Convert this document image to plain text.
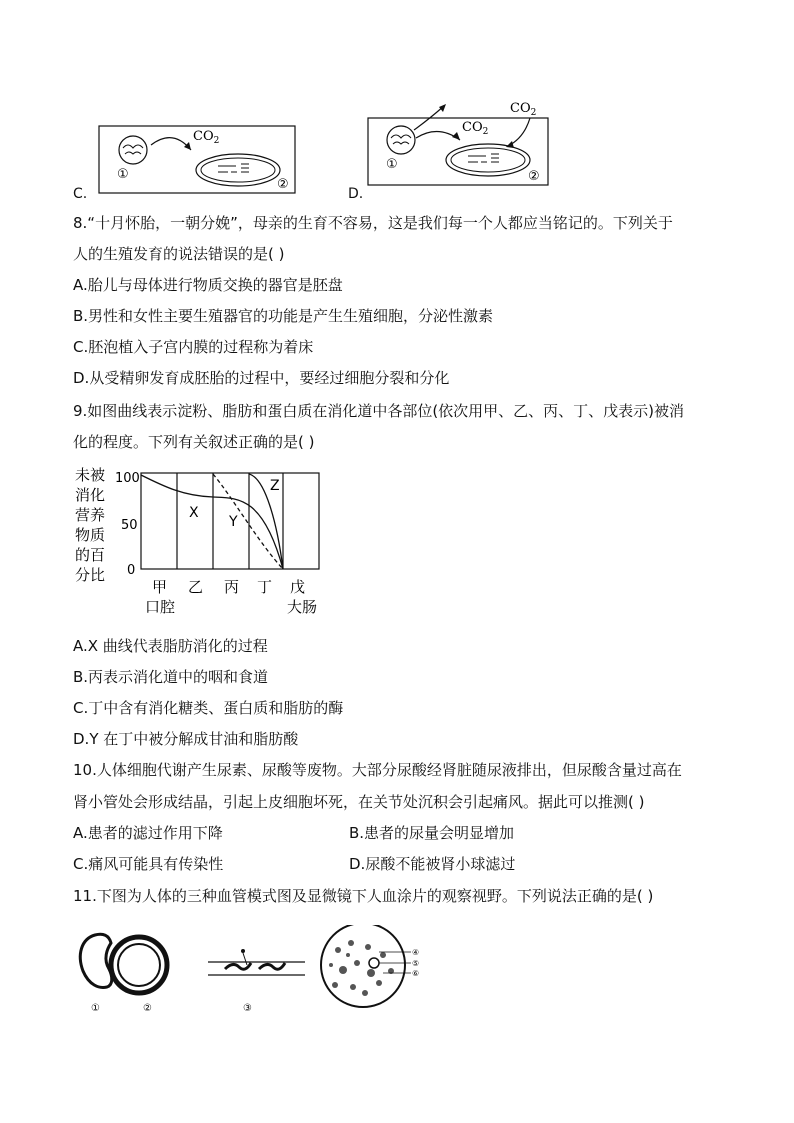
C.
①
$CO_2$
②
D.
$CO_2$
①
$CO_2$
②
8.“十月怀胎，一朝分娩”，母亲的生育不容易，这是我们每一个人都应当铭记的。下列关于
人的生殖发育的说法错误的是( )
A.胎儿与母体进行物质交换的器官是胚盘
B.男性和女性主要生殖器官的功能是产生生殖细胞，分泌性激素
C.胚泡植入子宫内膜的过程称为着床
D.从受精卵发育成胚胎的过程中，要经过细胞分裂和分化
9.如图曲线表示淀粉、脂肪和蛋白质在消化道中各部位(依次用甲、乙、丙、丁、戊表示)被消
化的程度。下列有关叙述正确的是( )
未被
消化
营养
物质
的百
分比
100
50
0
X
Y
Z
甲 乙 丙 丁 戊
口腔	大肠
A.X 曲线代表脂肪消化的过程
B.丙表示消化道中的咽和食道
C.丁中含有消化糖类、蛋白质和脂肪的酶
D.Y 在丁中被分解成甘油和脂肪酸
10.人体细胞代谢产生尿素、尿酸等废物。大部分尿酸经肾脏随尿液排出，但尿酸含量过高在
肾小管处会形成结晶，引起上皮细胞坏死，在关节处沉积会引起痛风。据此可以推测( )
A.患者的滤过作用下降	B.患者的尿量会明显增加
C.痛风可能具有传染性	D.尿酸不能被肾小球滤过
11.下图为人体的三种血管模式图及显微镜下人血涂片的观察视野。下列说法正确的是( )
①	②	③
④
⑤
⑥
